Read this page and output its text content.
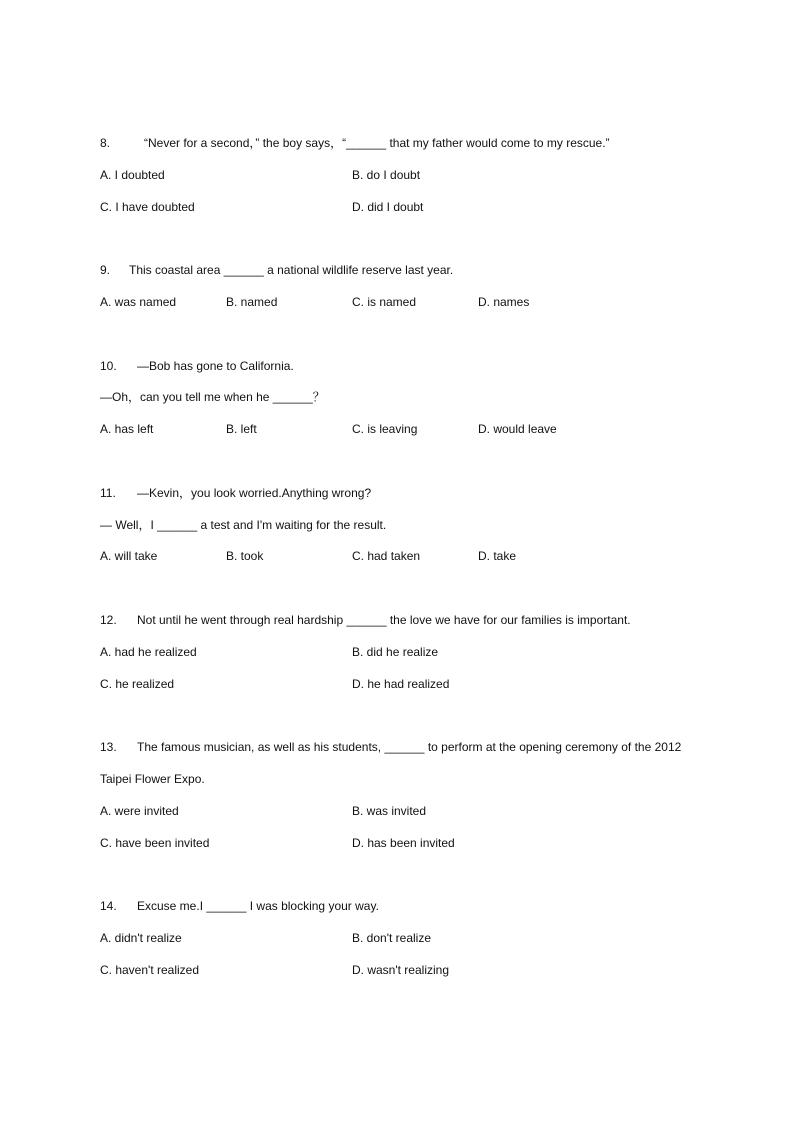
8.	“Never for a second，” the boy says，“______ that my father would come to my rescue.”
A. I doubted	B. do I doubt
C. I have doubted	D. did I doubt
9. This coastal area ______ a national wildlife reserve last year.
A. was named	B. named	C. is named	D. names
10. —Bob has gone to California.
—Oh，can you tell me when he ______？
A. has left	B. left	C. is leaving	D. would leave
11. —Kevin，you look worried.Anything wrong?
— Well，I ______ a test and I'm waiting for the result.
A. will take	B. took	C. had taken	D. take
12. Not until he went through real hardship ______ the love we have for our families is important.
A. had he realized	B. did he realize
C. he realized	D. he had realized
13. The famous musician, as well as his students, ______ to perform at the opening ceremony of the 2012
Taipei Flower Expo.
A. were invited	B. was invited
C. have been invited	D. has been invited
14. Excuse me.I ______ I was blocking your way.
A. didn't realize	B. don't realize
C. haven't realized	D. wasn't realizing
